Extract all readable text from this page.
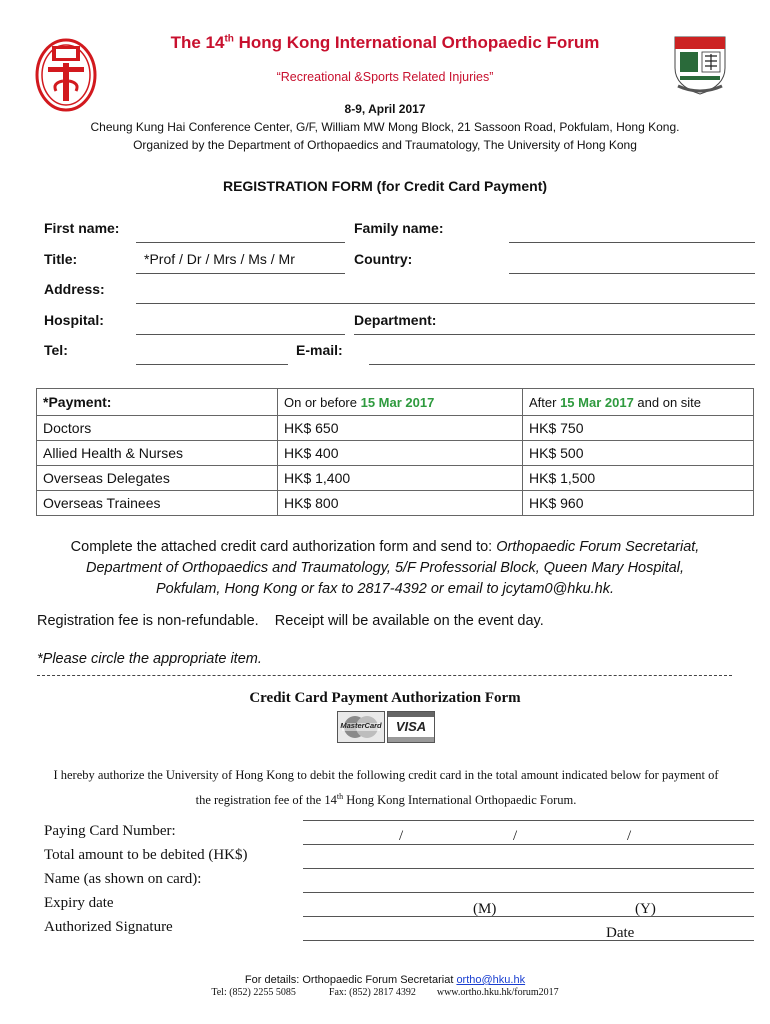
The 14th Hong Kong International Orthopaedic Forum
“Recreational &Sports Related Injuries”
8-9, April 2017
Cheung Kung Hai Conference Center, G/F, William MW Mong Block, 21 Sassoon Road, Pokfulam, Hong Kong.
Organized by the Department of Orthopaedics and Traumatology, The University of Hong Kong
REGISTRATION FORM (for Credit Card Payment)
First name:	Family name:
Title:	*Prof / Dr / Mrs / Ms / Mr	Country:
Address:
Hospital:	Department:
Tel:	E-mail:
*Payment:	On or before 15 Mar 2017	After 15 Mar 2017 and on site
Doctors	HK$ 650	HK$ 750
Allied Health & Nurses	HK$ 400	HK$ 500
Overseas Delegates	HK$ 1,400	HK$ 1,500
Overseas Trainees	HK$ 800	HK$ 960
Complete the attached credit card authorization form and send to: Orthopaedic Forum Secretariat,
Department of Orthopaedics and Traumatology, 5/F Professorial Block, Queen Mary Hospital,
Pokfulam, Hong Kong or fax to 2817-4392 or email to jcytam0@hku.hk.
Registration fee is non-refundable.    Receipt will be available on the event day.
*Please circle the appropriate item.
Credit Card Payment Authorization Form
MasterCard	VISA
I hereby authorize the University of Hong Kong to debit the following credit card in the total amount indicated below for payment of
the registration fee of the 14th Hong Kong International Orthopaedic Forum.
Paying Card Number:	/	/	/
Total amount to be debited (HK$)
Name (as shown on card):
Expiry date	(M)	(Y)
Authorized Signature	Date
For details: Orthopaedic Forum Secretariat ortho@hku.hk
Tel: (852) 2255 5085	Fax: (852) 2817 4392 www.ortho.hku.hk/forum2017
